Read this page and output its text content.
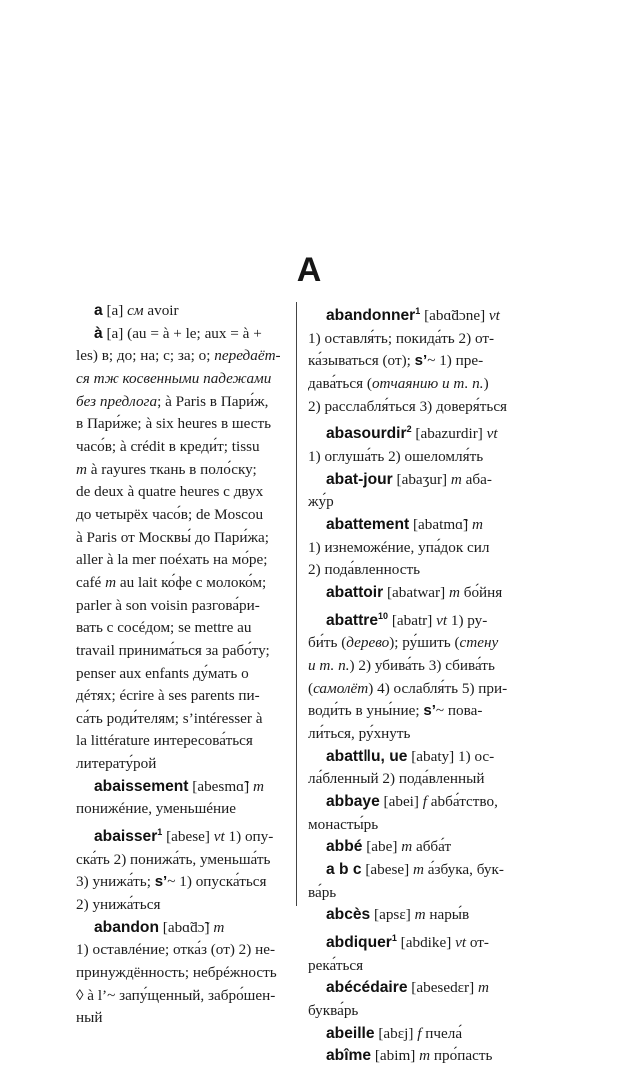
A
a [a] см avoir
à [a] (au = à + le; aux = à +
les) в; до; на; с; за; о; передаёт-
ся тж косвенными падежами
без предлога; à Paris в Пари́ж,
в Пари́же; à six heures в шесть
часо́в; à crédit в креди́т; tissu
m à rayures ткань в поло́ску;
de deux à quatre heures с двух
до четырёх часо́в; de Moscou
à Paris от Москвы́ до Пари́жа;
aller à la mer поéхать на мо́ре;
café m au lait ко́фе с молоко́м;
parler à son voisin разгова́ри-
вать с сосéдом; se mettre au
travail принима́ться за рабо́ту;
penser aux enfants ду́мать о
дéтях; écrire à ses parents пи-
са́ть роди́телям; s’intéresser à
la littérature интересова́ться
литерату́рой
abaissement [abesmɑ̃] m
понижéние, уменьшéние
abaisser$^1$ [abese] vt 1) опу-
ска́ть 2) понижа́ть, уменьша́ть
3) унижа́ть; s’~ 1) опуска́ться
2) унижа́ться
abandon [abɑ̃dɔ̃] m
1) оставлéние; отка́з (от) 2) не-
принуждённость; небрéжность
◊ à l’~ запу́щенный, забро́шен-
ный
abandonner$^1$ [abɑ̃dɔne] vt
1) оставля́ть; покида́ть 2) от-
ка́зываться (от); s’~ 1) пре-
дава́ться (отчаянию и т. п.)
2) расслабля́ться 3) доверя́ться
abasourdir$^2$ [abazurdir] vt
1) оглуша́ть 2) ошеломля́ть
abat-jour [abaʒur] m аба-
жу́р
abattement [abatmɑ̃] m
1) изнеможéние, упа́док сил
2) пода́вленность
abattoir [abatwar] m бо́йня
abattre$^{10}$ [abatr] vt 1) ру-
би́ть (дерево); ру́шить (стену
и т. п.) 2) убива́ть 3) сбива́ть
(самолёт) 4) ослабля́ть 5) при-
води́ть в уны́ние; s’~ пова-
ли́ться, ру́хнуть
abatt‖u, ue [abaty] 1) ос-
ла́бленный 2) пода́вленный
abbaye [abei] f abба́тство,
монасты́рь
abbé [abe] m абба́т
a b c [abese] m а́збука, бук-
ва́рь
abcès [apsɛ] m нары́в
abdiquer$^1$ [abdike] vt от-
река́ться
abécédaire [abesedɛr] m
буква́рь
abeille [abɛj] f пчела́
abîme [abim] m про́пасть
